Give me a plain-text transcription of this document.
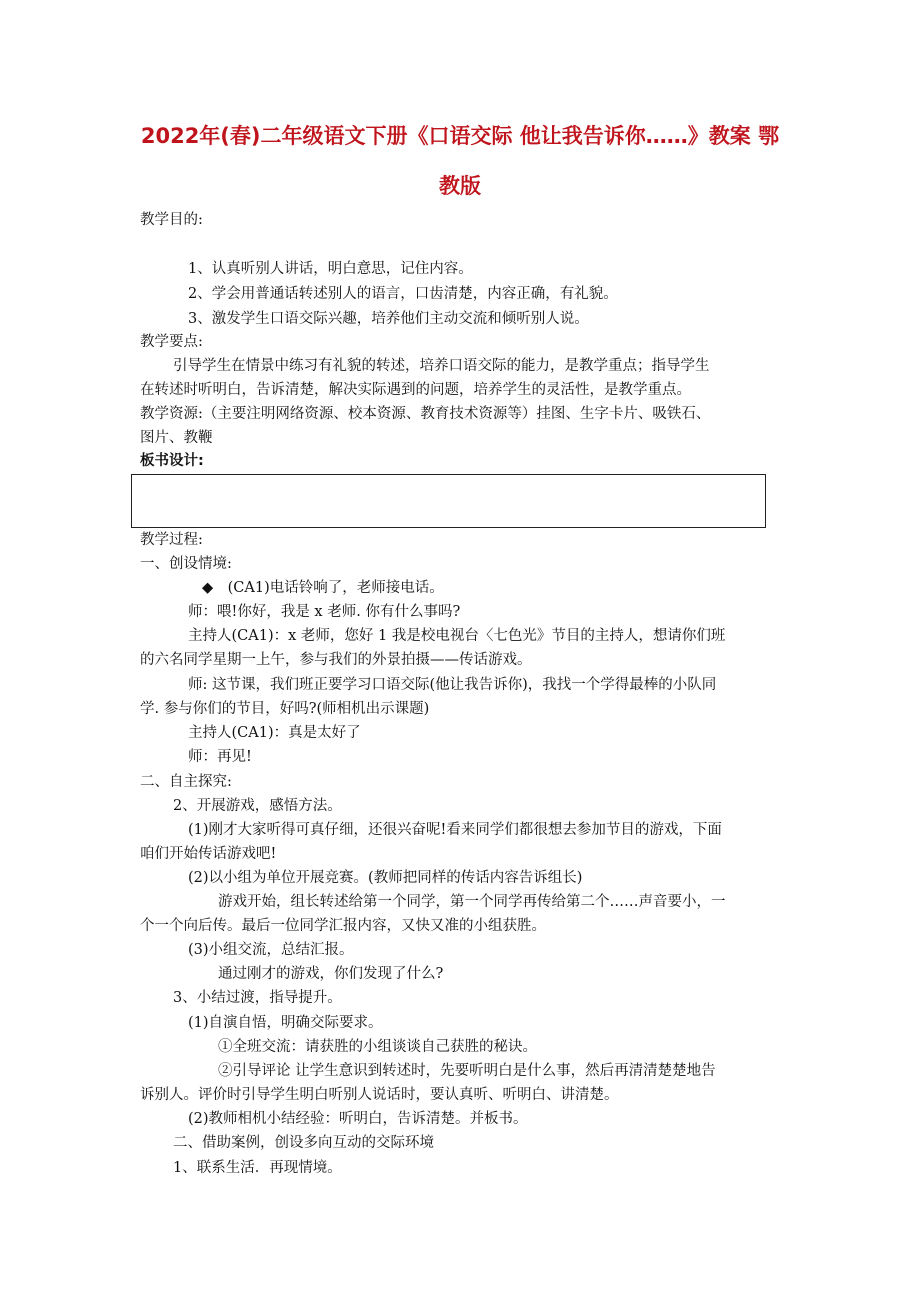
2022年(春)二年级语文下册《口语交际 他让我告诉你……》教案 鄂
教版
教学目的:
1、认真听别人讲话，明白意思，记住内容。
2、学会用普通话转述别人的语言，口齿清楚，内容正确，有礼貌。
3、激发学生口语交际兴趣，培养他们主动交流和倾听别人说。
教学要点:
引导学生在情景中练习有礼貌的转述，培养口语交际的能力，是教学重点；指导学生
在转述时听明白，告诉清楚，解决实际遇到的问题，培养学生的灵活性，是教学重点。
教学资源:（主要注明网络资源、校本资源、教育技术资源等）挂图、生字卡片、吸铁石、
图片、教鞭
板书设计:
教学过程:
一、创设情境:
◆　(CA1)电话铃响了，老师接电话。
师：喂!你好，我是 x 老师. 你有什么事吗?
主持人(CA1)：x 老师，您好 1 我是校电视台〈七色光》节目的主持人，想请你们班
的六名同学星期一上午，参与我们的外景拍摄——传话游戏。
师: 这节课，我们班正要学习口语交际(他让我告诉你)，我找一个学得最棒的小队同
学. 参与你们的节目，好吗?(师相机出示课题)
主持人(CA1)：真是太好了
师：再见!
二、自主探究:
2、开展游戏，感悟方法。
(1)刚才大家听得可真仔细，还很兴奋呢!看来同学们都很想去参加节目的游戏，下面
咱们开始传话游戏吧!
(2)以小组为单位开展竞赛。(教师把同样的传话内容告诉组长)
游戏开始，组长转述给第一个同学，第一个同学再传给第二个……声音要小，一
个一个向后传。最后一位同学汇报内容，又快又准的小组获胜。
(3)小组交流，总结汇报。
通过刚才的游戏，你们发现了什么?
3、小结过渡，指导提升。
(1)自演自悟，明确交际要求。
①全班交流：请获胜的小组谈谈自己获胜的秘诀。
②引导评论 让学生意识到转述时，先要听明白是什么事，然后再清清楚楚地告
诉别人。评价时引导学生明白听别人说话时，要认真听、听明白、讲清楚。
(2)教师相机小结经验：听明白，告诉清楚。并板书。
二、借助案例，创设多向互动的交际环境
1、联系生活．再现情境。
